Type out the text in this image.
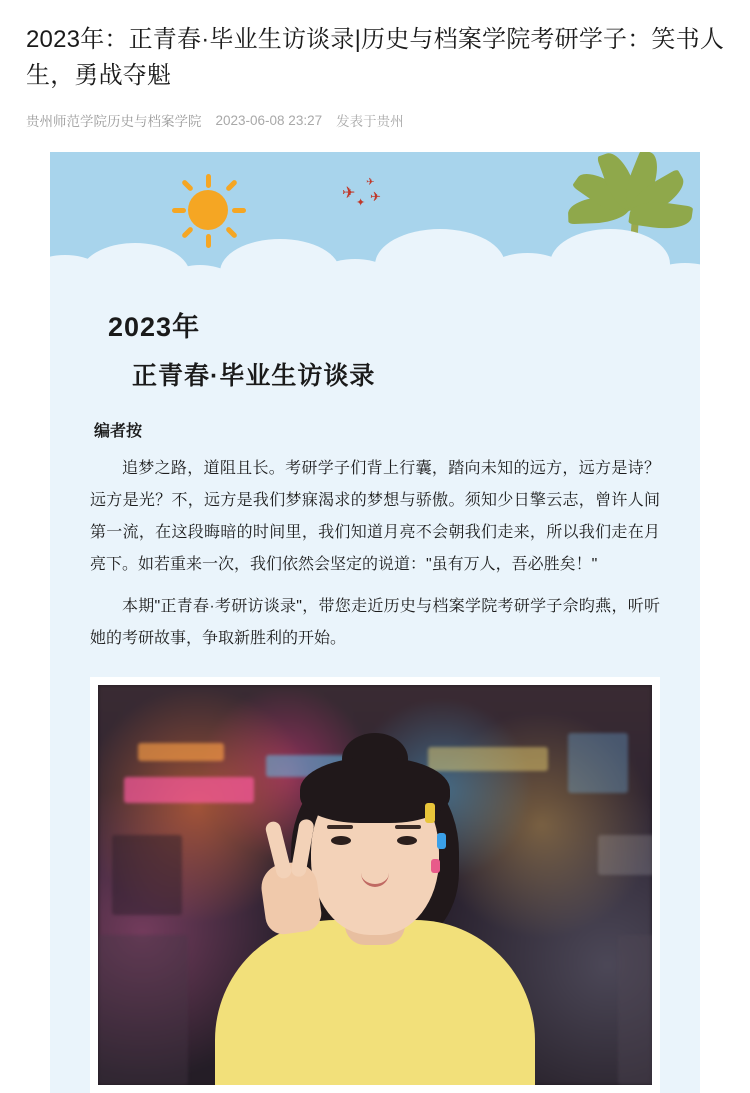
2023年：正青春·毕业生访谈录|历史与档案学院考研学子：笑书人生，勇战夺魁
贵州师范学院历史与档案学院 2023-06-08 23:27 发表于贵州
✈
✦ ✈
✈
2023年
正青春·毕业生访谈录
编者按

追梦之路，道阻且长。考研学子们背上行囊，踏向未知的远方，远方是诗？远方是光？不，远方是我们梦寐渴求的梦想与骄傲。须知少日擎云志，曾许人间第一流，在这段晦暗的时间里，我们知道月亮不会朝我们走来，所以我们走在月亮下。如若重来一次，我们依然会坚定的说道："虽有万人，吾必胜矣！"

本期"正青春·考研访谈录"，带您走近历史与档案学院考研学子佘昀燕，听听她的考研故事，争取新胜利的开始。
